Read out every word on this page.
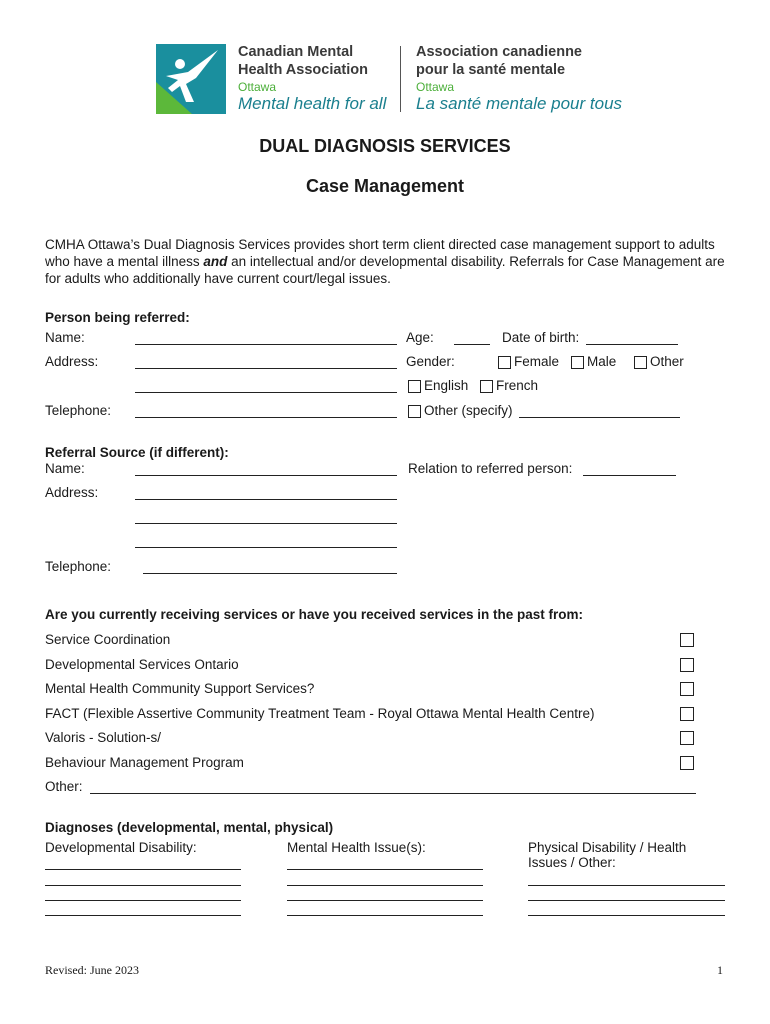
Canadian Mental
Health Association
Ottawa
Mental health for all
Association canadienne
pour la santé mentale
Ottawa
La santé mentale pour tous
DUAL DIAGNOSIS SERVICES
Case Management
CMHA Ottawa’s Dual Diagnosis Services provides short term client directed case management support to adults who have a mental illness and an intellectual and/or developmental disability. Referrals for Case Management are for adults who additionally have current court/legal issues.
Person being referred:
Name:	Age:	Date of birth:
Address:	Gender:	Female Male Other
English French
Telephone:	Other (specify)
Referral Source (if different):
Name:	Relation to referred person:
Address:
Telephone:
Are you currently receiving services or have you received services in the past from:
Service Coordination
Developmental Services Ontario
Mental Health Community Support Services?
FACT (Flexible Assertive Community Treatment Team - Royal Ottawa Mental Health Centre)
Valoris - Solution-s/
Behaviour Management Program
Other:
Diagnoses (developmental, mental, physical)
Developmental Disability:	Mental Health Issue(s):	Physical Disability / Health
Issues / Other:
Revised: June 2023	1
